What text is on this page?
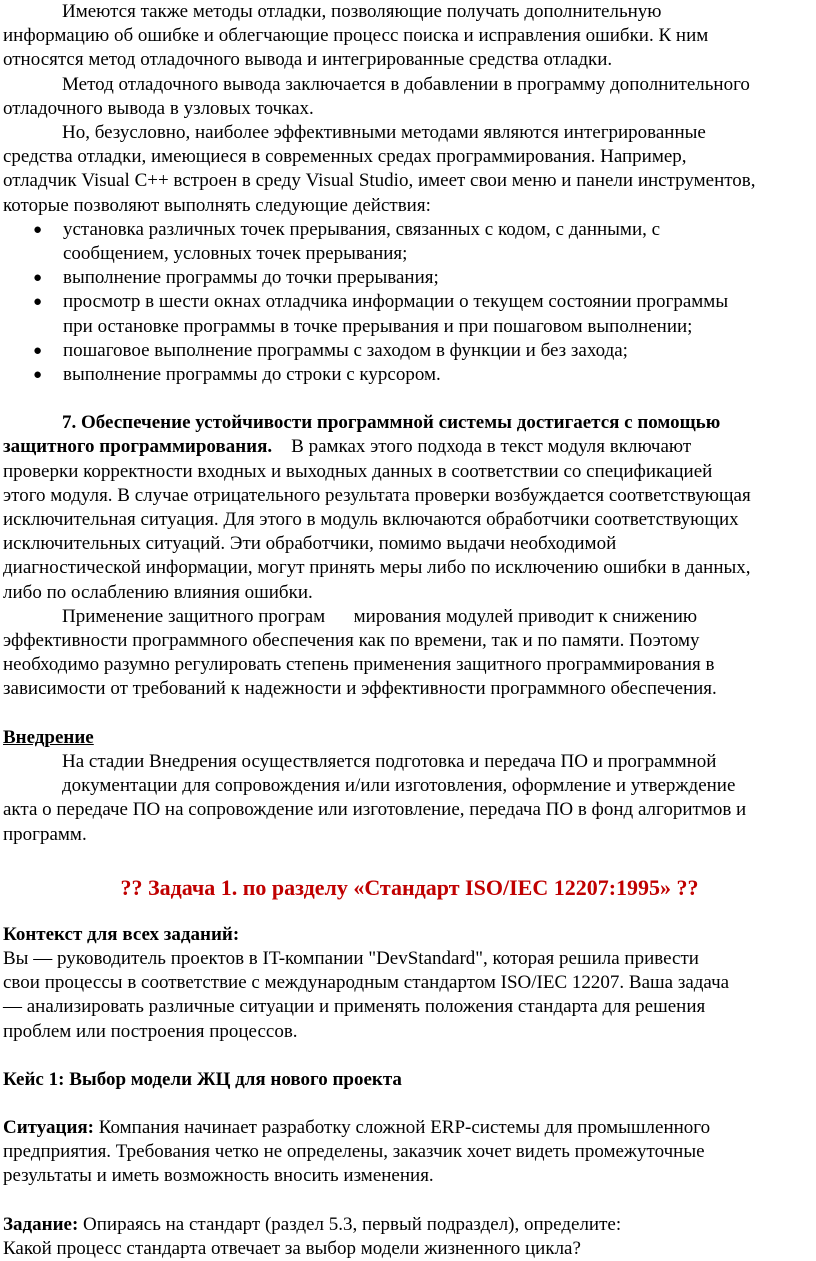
Имеются также методы отладки, позволяющие получать дополнительную

информацию об ошибке и облегчающие процесс поиска и исправления ошибки. К ним

относятся метод отладочного вывода и интегрированные средства отладки.

Метод отладочного вывода заключается в добавлении в программу дополнительного

отладочного вывода в узловых точках.

Но, безусловно, наиболее эффективными методами являются интегрированные

средства отладки, имеющиеся в современных средах программирования. Например,

отладчик Visual C++ встроен в среду Visual Studio, имеет свои меню и панели инструментов,

которые позволяют выполнять следующие действия:

● установка различных точек прерывания, связанных с кодом, с данными, с

сообщением, условных точек прерывания;

● выполнение программы до точки прерывания;

● просмотр в шести окнах отладчика информации о текущем состоянии программы

при остановке программы в точке прерывания и при пошаговом выполнении;

● пошаговое выполнение программы с заходом в функции и без захода;

● выполнение программы до строки с курсором.

7. Обеспечение устойчивости программной системы достигается с помощью

защитного программирования. В рамках этого подхода в текст модуля включают

проверки корректности входных и выходных данных в соответствии со спецификацией

этого модуля. В случае отрицательного результата проверки возбуждается соответствующая

исключительная ситуация. Для этого в модуль включаются обработчики соответствующих

исключительных ситуаций. Эти обработчики, помимо выдачи необходимой

диагностической информации, могут принять меры либо по исключению ошибки в данных,

либо по ослаблению влияния ошибки.

Применение защитного програм      мирования модулей приводит к снижению

эффективности программного обеспечения как по времени, так и по памяти. Поэтому

необходимо разумно регулировать степень применения защитного программирования в

зависимости от требований к надежности и эффективности программного обеспечения.

Внедрение

На стадии Внедрения осуществляется подготовка и передача ПО и программной

документации для сопровождения и/или изготовления, оформление и утверждение

акта о передаче ПО на сопровождение или изготовление, передача ПО в фонд алгоритмов и

программ.

?? Задача 1. по разделу «Стандарт ISO/IEC 12207:1995» ??

Контекст для всех заданий:

Вы — руководитель проектов в IT-компании "DevStandard", которая решила привести

свои процессы в соответствие с международным стандартом ISO/IEC 12207. Ваша задача

— анализировать различные ситуации и применять положения стандарта для решения

проблем или построения процессов.

Кейс 1: Выбор модели ЖЦ для нового проекта

Ситуация: Компания начинает разработку сложной ERP-системы для промышленного

предприятия. Требования четко не определены, заказчик хочет видеть промежуточные

результаты и иметь возможность вносить изменения.

Задание: Опираясь на стандарт (раздел 5.3, первый подраздел), определите:

Какой процесс стандарта отвечает за выбор модели жизненного цикла?
